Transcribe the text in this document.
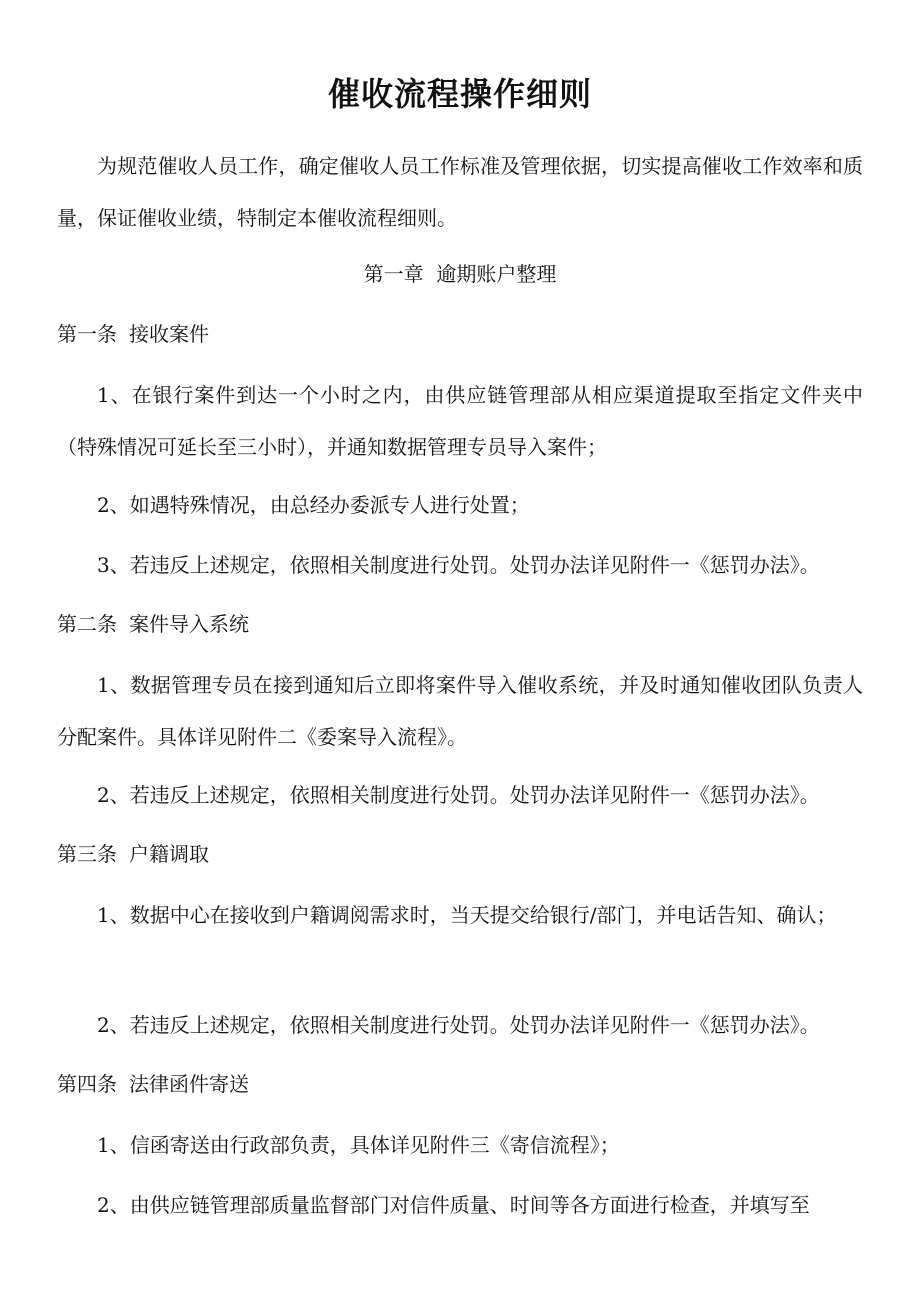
催收流程操作细则

为规范催收人员工作，确定催收人员工作标准及管理依据，切实提高催收工作效率和质量，保证催收业绩，特制定本催收流程细则。

第一章 逾期账户整理

第一条 接收案件

1、在银行案件到达一个小时之内，由供应链管理部从相应渠道提取至指定文件夹中（特殊情况可延长至三小时），并通知数据管理专员导入案件；

2、如遇特殊情况，由总经办委派专人进行处置；

3、若违反上述规定，依照相关制度进行处罚。处罚办法详见附件一《惩罚办法》。

第二条 案件导入系统

1、数据管理专员在接到通知后立即将案件导入催收系统，并及时通知催收团队负责人分配案件。具体详见附件二《委案导入流程》。

2、若违反上述规定，依照相关制度进行处罚。处罚办法详见附件一《惩罚办法》。

第三条 户籍调取

1、数据中心在接收到户籍调阅需求时，当天提交给银行/部门，并电话告知、确认；

2、若违反上述规定，依照相关制度进行处罚。处罚办法详见附件一《惩罚办法》。

第四条 法律函件寄送

1、信函寄送由行政部负责，具体详见附件三《寄信流程》；

2、由供应链管理部质量监督部门对信件质量、时间等各方面进行检查，并填写至
